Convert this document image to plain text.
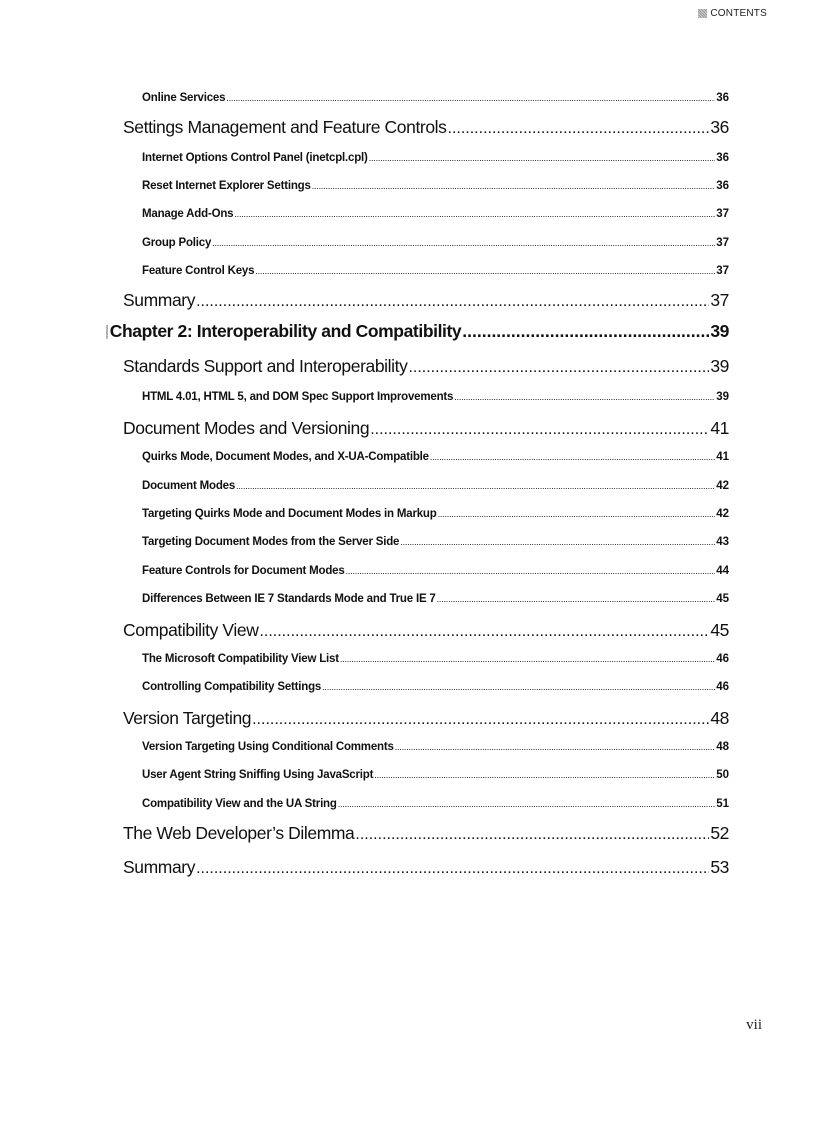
CONTENTS
Online Services .....	36
Settings Management and Feature Controls .....	36
Internet Options Control Panel (inetcpl.cpl) .....	36
Reset Internet Explorer Settings .....	36
Manage Add-Ons .....	37
Group Policy .....	37
Feature Control Keys .....	37
Summary .....	37
Chapter 2: Interoperability and Compatibility .....	39
Standards Support and Interoperability .....	39
HTML 4.01, HTML 5, and DOM Spec Support Improvements .....	39
Document Modes and Versioning .....	41
Quirks Mode, Document Modes, and X-UA-Compatible .....	41
Document Modes .....	42
Targeting Quirks Mode and Document Modes in Markup .....	42
Targeting Document Modes from the Server Side .....	43
Feature Controls for Document Modes .....	44
Differences Between IE 7 Standards Mode and True IE 7 .....	45
Compatibility View .....	45
The Microsoft Compatibility View List .....	46
Controlling Compatibility Settings .....	46
Version Targeting .....	48
Version Targeting Using Conditional Comments .....	48
User Agent String Sniffing Using JavaScript .....	50
Compatibility View and the UA String .....	51
The Web Developer’s Dilemma .....	52
Summary .....	53
vii
